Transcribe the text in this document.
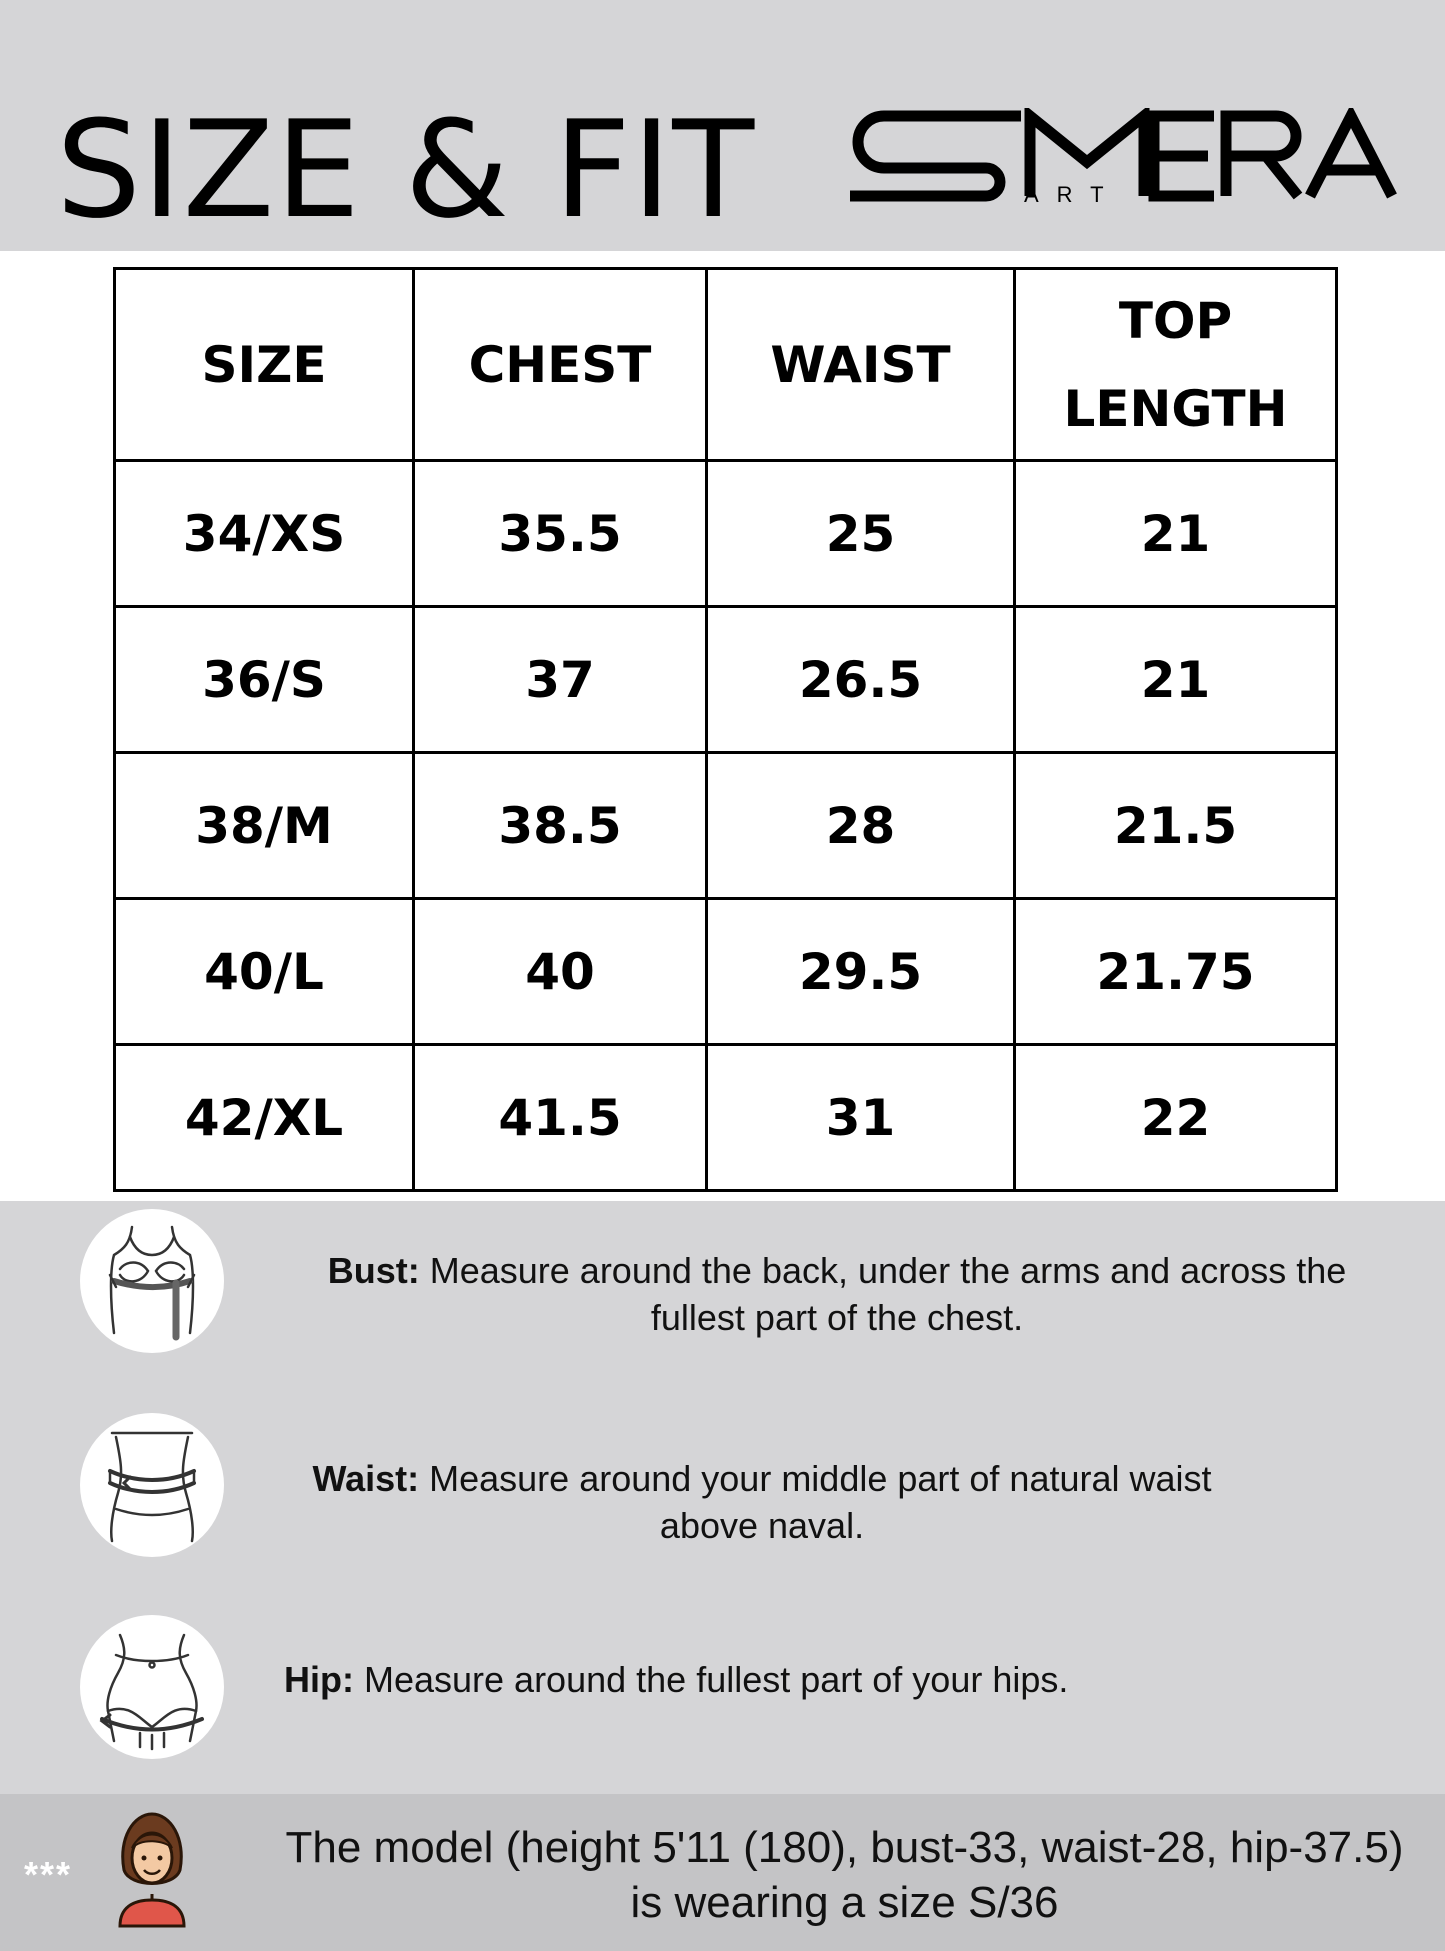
SIZE & FIT	ART
SIZE	CHEST	WAIST	TOP
LENGTH
34/XS	35.5	25	21
36/S	37	26.5	21
38/M	38.5	28	21.5
40/L	40	29.5	21.75
42/XL	41.5	31	22
Bust: Measure around the back, under the arms and across the
fullest part of the chest.
Waist: Measure around your middle part of natural waist
above naval.
Hip: Measure around the fullest part of your hips.
***
The model (height 5'11 (180), bust-33, waist-28, hip-37.5)
is wearing a size S/36
